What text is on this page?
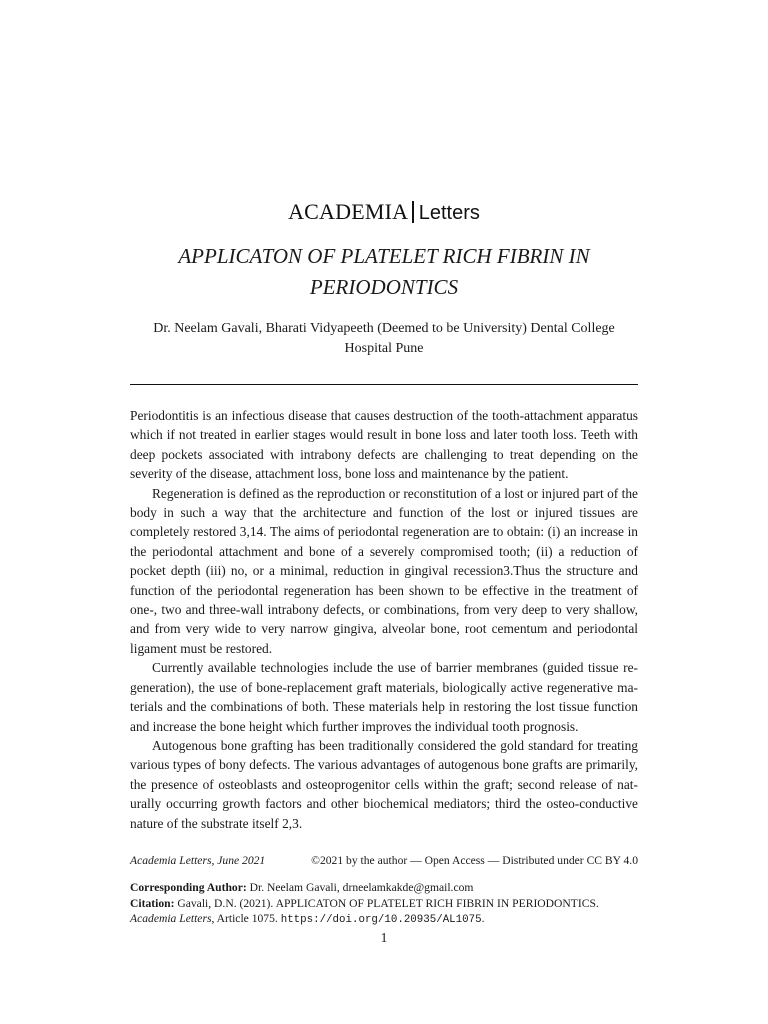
ACADEMIA Letters
APPLICATON OF PLATELET RICH FIBRIN IN
PERIODONTICS
Dr. Neelam Gavali, Bharati Vidyapeeth (Deemed to be University) Dental College
Hospital Pune

Periodontitis is an infectious disease that causes destruction of the tooth-attachment apparatus which if not treated in earlier stages would result in bone loss and later tooth loss. Teeth with deep pockets associated with intrabony defects are challenging to treat depending on the severity of the disease, attachment loss, bone loss and maintenance by the patient.

Regeneration is defined as the reproduction or reconstitution of a lost or injured part of the body in such a way that the architecture and function of the lost or injured tissues are completely restored 3,14. The aims of periodontal regeneration are to obtain: (i) an increase in the periodontal attachment and bone of a severely compromised tooth; (ii) a reduction of pocket depth (iii) no, or a minimal, reduction in gingival recession3.Thus the structure and function of the periodontal regeneration has been shown to be effective in the treatment of one-, two and three-wall intrabony defects, or combinations, from very deep to very shallow, and from very wide to very narrow gingiva, alveolar bone, root cementum and periodontal ligament must be restored.

Currently available technologies include the use of barrier membranes (guided tissue regeneration), the use of bone-replacement graft materials, biologically active regenerative materials and the combinations of both. These materials help in restoring the lost tissue function and increase the bone height which further improves the individual tooth prognosis.

Autogenous bone grafting has been traditionally considered the gold standard for treating various types of bony defects. The various advantages of autogenous bone grafts are primarily, the presence of osteoblasts and osteoprogenitor cells within the graft; second release of naturally occurring growth factors and other biochemical mediators; third the osteo-conductive nature of the substrate itself 2,3.

Academia Letters, June 2021	©2021 by the author — Open Access — Distributed under CC BY 4.0
Corresponding Author: Dr. Neelam Gavali, drneelamkakde@gmail.com
Citation: Gavali, D.N. (2021). APPLICATON OF PLATELET RICH FIBRIN IN PERIODONTICS. Academia Letters, Article 1075. https://doi.org/10.20935/AL1075.
1
